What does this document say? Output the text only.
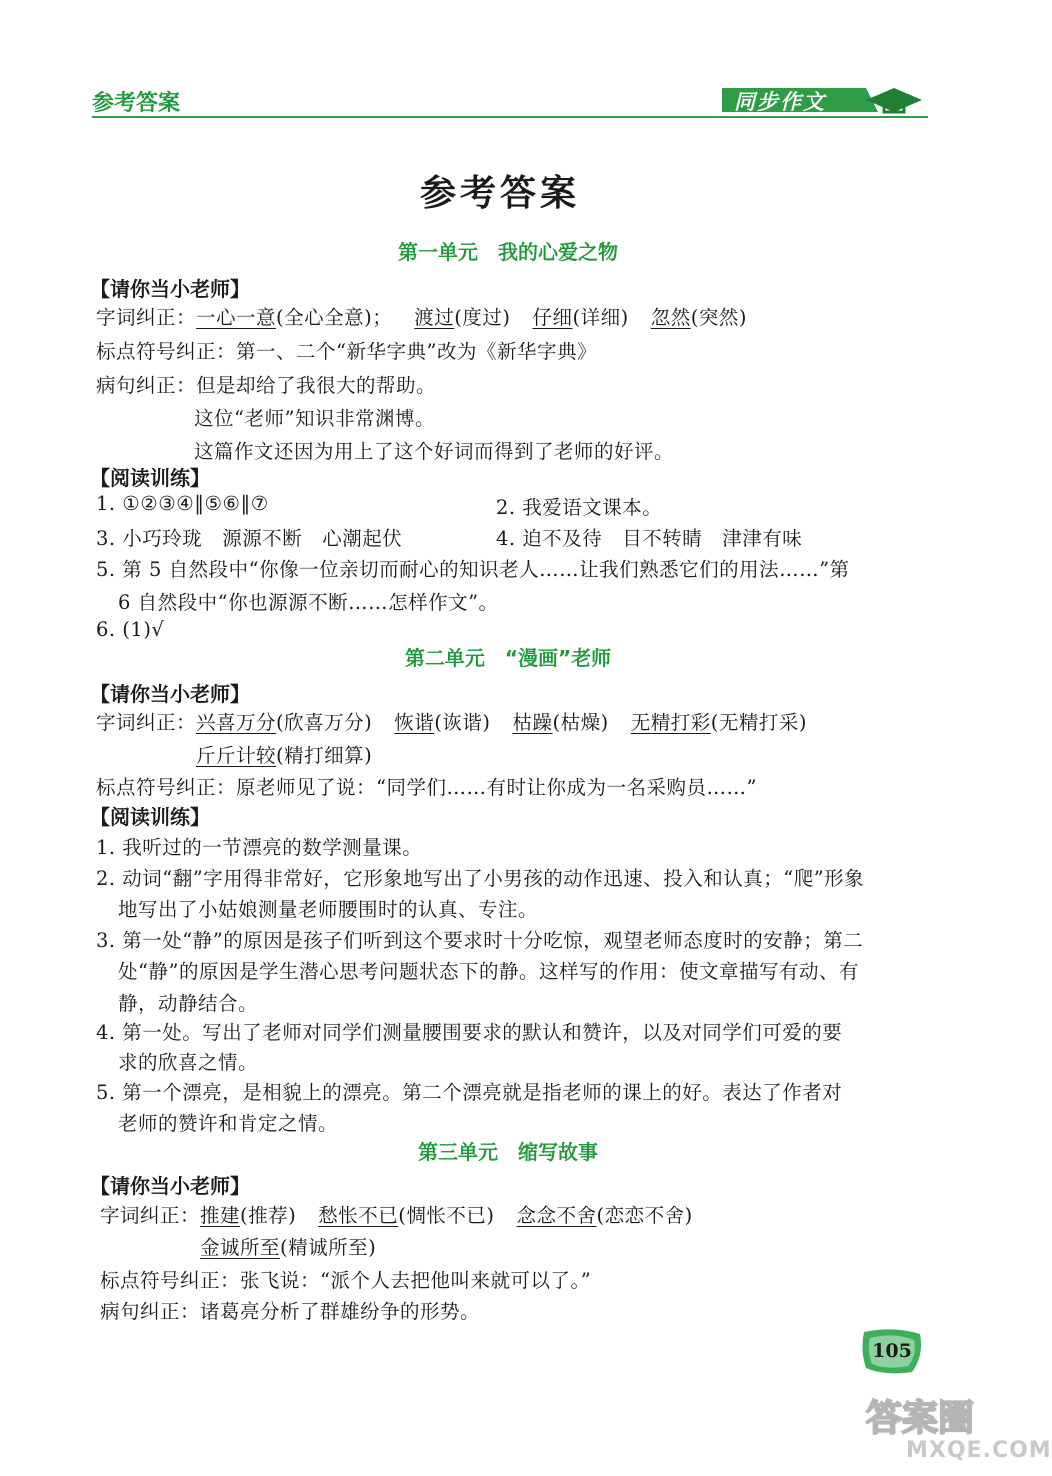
参考答案	同步作文
参考答案
第一单元　我的心爱之物
【请你当小老师】
字词纠正：一心一意(全心全意)； 渡过(度过) 仔细(详细) 忽然(突然)
标点符号纠正：第一、二个“新华字典”改为《新华字典》
病句纠正：但是却给了我很大的帮助。
这位“老师”知识非常渊博。
这篇作文还因为用上了这个好词而得到了老师的好评。
【阅读训练】
1. ①②③④‖⑤⑥‖⑦	2. 我爱语文课本。
3. 小巧玲珑　源源不断　心潮起伏	4. 迫不及待　目不转睛　津津有味
5. 第 5 自然段中“你像一位亲切而耐心的知识老人……让我们熟悉它们的用法……”第
6 自然段中“你也源源不断……怎样作文”。
6. (1)√
第二单元　“漫画”老师
【请你当小老师】
字词纠正：兴喜万分(欣喜万分) 恢谐(诙谐) 枯躁(枯燥) 无精打彩(无精打采)
斤斤计较(精打细算)
标点符号纠正：原老师见了说：“同学们……有时让你成为一名采购员……”
【阅读训练】
1. 我听过的一节漂亮的数学测量课。
2. 动词“翻”字用得非常好，它形象地写出了小男孩的动作迅速、投入和认真；“爬”形象
地写出了小姑娘测量老师腰围时的认真、专注。
3. 第一处“静”的原因是孩子们听到这个要求时十分吃惊，观望老师态度时的安静；第二
处“静”的原因是学生潜心思考问题状态下的静。这样写的作用：使文章描写有动、有
静，动静结合。
4. 第一处。写出了老师对同学们测量腰围要求的默认和赞许，以及对同学们可爱的要
求的欣喜之情。
5. 第一个漂亮，是相貌上的漂亮。第二个漂亮就是指老师的课上的好。表达了作者对
老师的赞许和肯定之情。
第三单元　缩写故事
【请你当小老师】
字词纠正：推建(推荐) 愁怅不已(惆怅不已) 念念不舍(恋恋不舍)
金诚所至(精诚所至)
标点符号纠正：张飞说：“派个人去把他叫来就可以了。”
病句纠正：诸葛亮分析了群雄纷争的形势。
105
答案圈
MXQE.COM
